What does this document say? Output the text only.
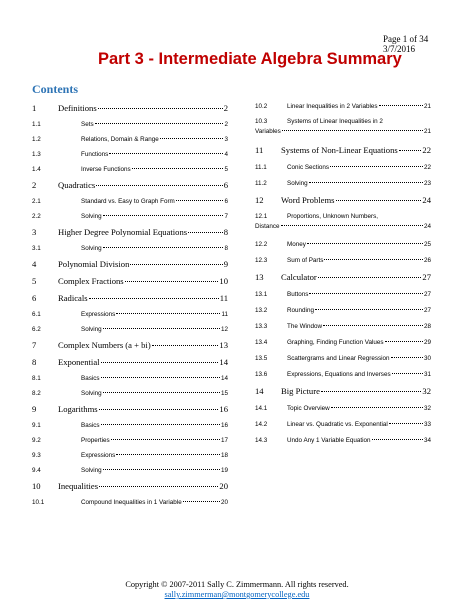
Page 1 of 34
3/7/2016
Part 3 - Intermediate Algebra Summary
Contents
1	Definitions	2
1.1	Sets	2
1.2	Relations, Domain & Range	3
1.3	Functions	4
1.4	Inverse Functions	5
2	Quadratics	6
2.1	Standard vs. Easy to Graph Form	6
2.2	Solving	7
3	Higher Degree Polynomial Equations	8
3.1	Solving	8
4	Polynomial Division	9
5	Complex Fractions	10
6	Radicals	11
6.1	Expressions	11
6.2	Solving	12
7	Complex Numbers (a + bi)	13
8	Exponential	14
8.1	Basics	14
8.2	Solving	15
9	Logarithms	16
9.1	Basics	16
9.2	Properties	17
9.3	Expressions	18
9.4	Solving	19
10	Inequalities	20
10.1	Compound Inequalities in 1 Variable	20
10.2	Linear Inequalities in 2 Variables	21
10.3	Systems of Linear Inequalities in 2
Variables	21
11	Systems of Non-Linear Equations	22
11.1	Conic Sections	22
11.2	Solving	23
12	Word Problems	24
12.1	Proportions, Unknown Numbers,
Distance	24
12.2	Money	25
12.3	Sum of Parts	26
13	Calculator	27
13.1	Buttons	27
13.2	Rounding	27
13.3	The Window	28
13.4	Graphing, Finding Function Values	29
13.5	Scattergrams and Linear Regression	30
13.6	Expressions, Equations and Inverses	31
14	Big Picture	32
14.1	Topic Overview	32
14.2	Linear vs. Quadratic vs. Exponential	33
14.3	Undo Any 1 Variable Equation	34
Copyright © 2007-2011 Sally C. Zimmermann. All rights reserved.
sally.zimmerman@montgomerycollege.edu
